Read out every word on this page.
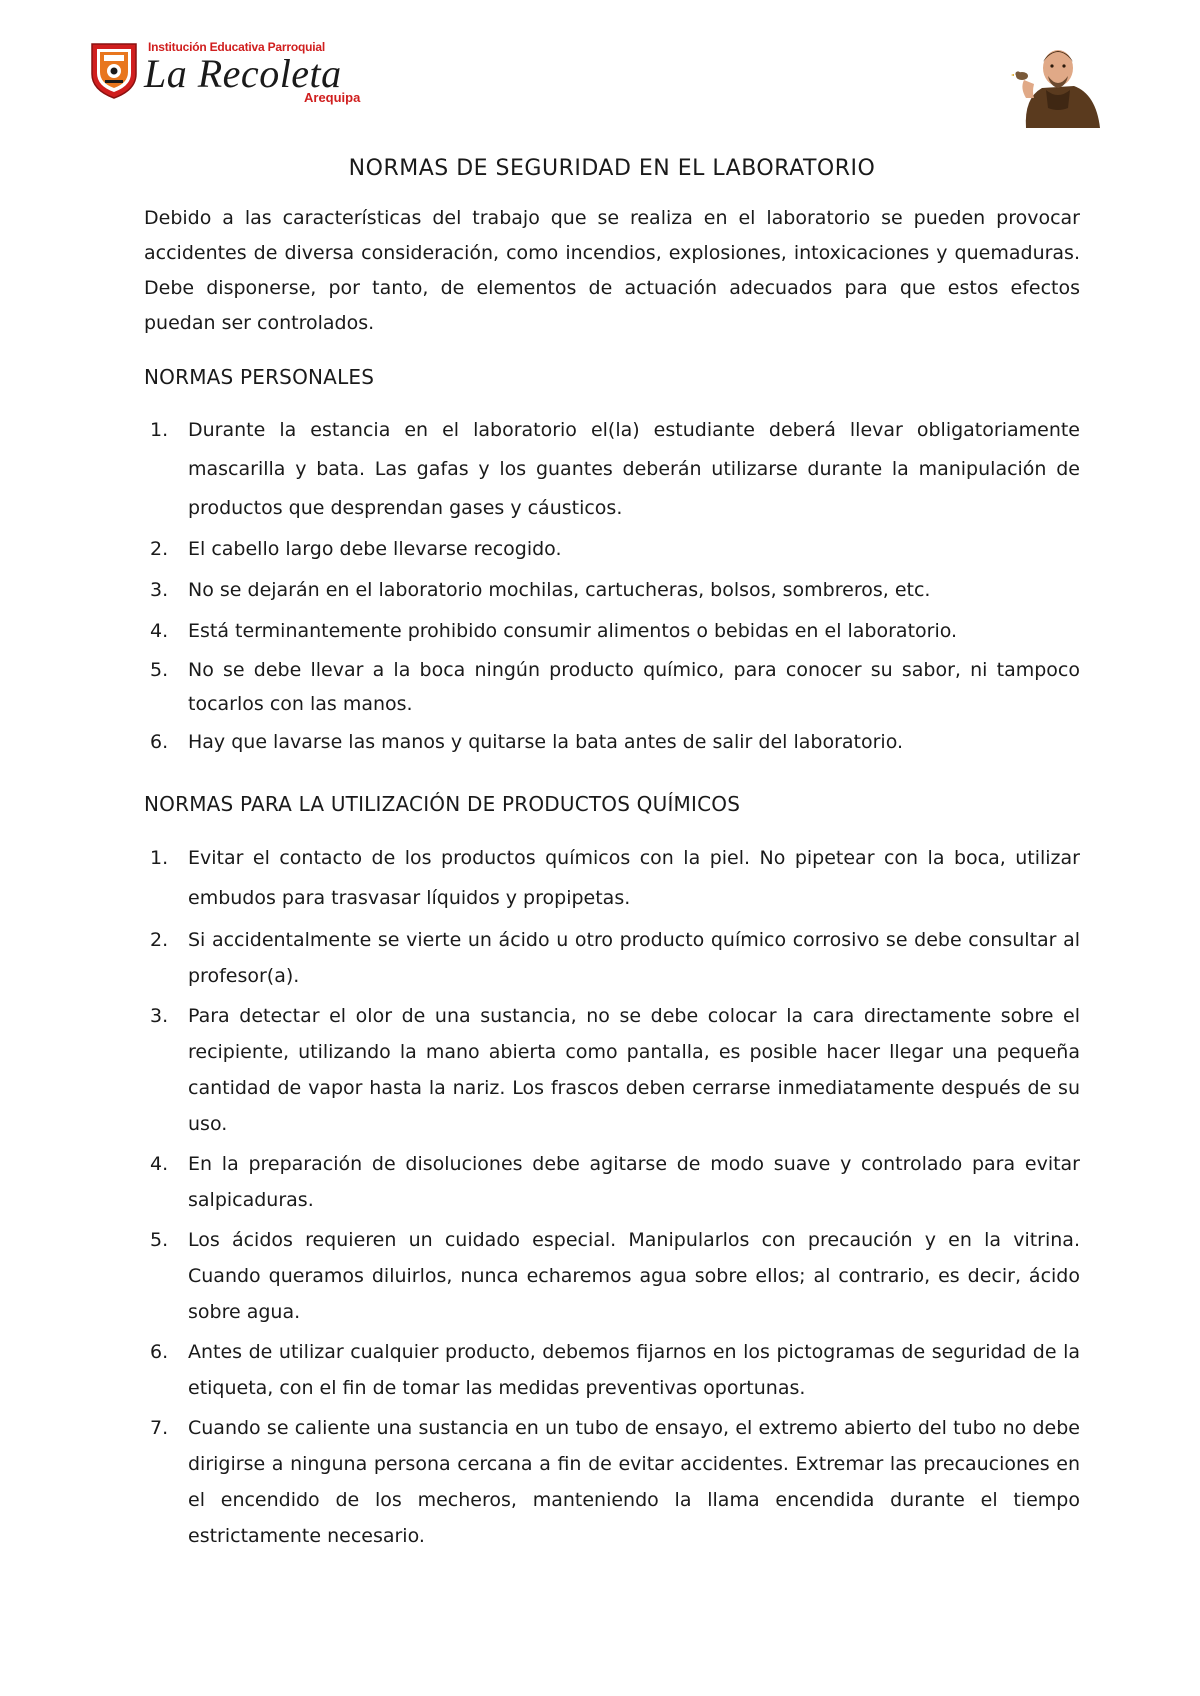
Institución Educativa Parroquial
La Recoleta
Arequipa
NORMAS DE SEGURIDAD EN EL LABORATORIO

Debido a las características del trabajo que se realiza en el laboratorio se pueden provocar accidentes de diversa consideración, como incendios, explosiones, intoxicaciones y quemaduras. Debe disponerse, por tanto, de elementos de actuación adecuados para que estos efectos puedan ser controlados.

NORMAS PERSONALES
1. Durante la estancia en el laboratorio el(la) estudiante deberá llevar obligatoriamente mascarilla y bata. Las gafas y los guantes deberán utilizarse durante la manipulación de productos que desprendan gases y cáusticos.
2. El cabello largo debe llevarse recogido.
3. No se dejarán en el laboratorio mochilas, cartucheras, bolsos, sombreros, etc.
4. Está terminantemente prohibido consumir alimentos o bebidas en el laboratorio.
5. No se debe llevar a la boca ningún producto químico, para conocer su sabor, ni tampoco tocarlos con las manos.
6. Hay que lavarse las manos y quitarse la bata antes de salir del laboratorio.
NORMAS PARA LA UTILIZACIÓN DE PRODUCTOS QUÍMICOS
1. Evitar el contacto de los productos químicos con la piel. No pipetear con la boca, utilizar embudos para trasvasar líquidos y propipetas.
2. Si accidentalmente se vierte un ácido u otro producto químico corrosivo se debe consultar al profesor(a).
3. Para detectar el olor de una sustancia, no se debe colocar la cara directamente sobre el recipiente, utilizando la mano abierta como pantalla, es posible hacer llegar una pequeña cantidad de vapor hasta la nariz. Los frascos deben cerrarse inmediatamente después de su uso.
4. En la preparación de disoluciones debe agitarse de modo suave y controlado para evitar salpicaduras.
5. Los ácidos requieren un cuidado especial. Manipularlos con precaución y en la vitrina. Cuando queramos diluirlos, nunca echaremos agua sobre ellos; al contrario, es decir, ácido sobre agua.
6. Antes de utilizar cualquier producto, debemos fijarnos en los pictogramas de seguridad de la etiqueta, con el fin de tomar las medidas preventivas oportunas.
7. Cuando se caliente una sustancia en un tubo de ensayo, el extremo abierto del tubo no debe dirigirse a ninguna persona cercana a fin de evitar accidentes. Extremar las precauciones en el encendido de los mecheros, manteniendo la llama encendida durante el tiempo estrictamente necesario.
